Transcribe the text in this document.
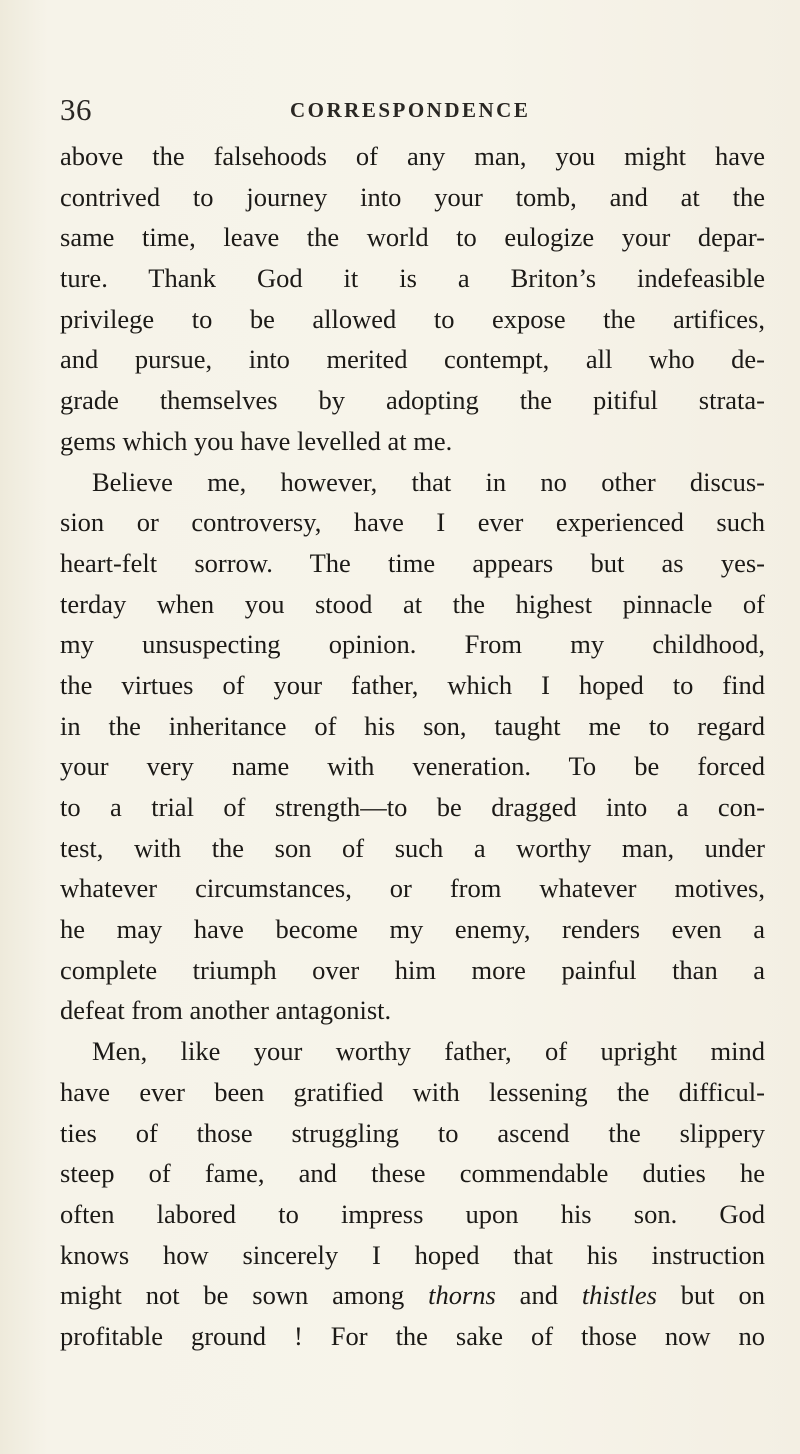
36	CORRESPONDENCE
above the falsehoods of any man, you might have
contrived to journey into your tomb, and at the
same time, leave the world to eulogize your depar-
ture. Thank God it is a Briton’s indefeasible
privilege to be allowed to expose the artifices,
and pursue, into merited contempt, all who de-
grade themselves by adopting the pitiful strata-
gems which you have levelled at me.
Believe me, however, that in no other discus-
sion or controversy, have I ever experienced such
heart-felt sorrow. The time appears but as yes-
terday when you stood at the highest pinnacle of
my unsuspecting opinion. From my childhood,
the virtues of your father, which I hoped to find
in the inheritance of his son, taught me to regard
your very name with veneration. To be forced
to a trial of strength—to be dragged into a con-
test, with the son of such a worthy man, under
whatever circumstances, or from whatever motives,
he may have become my enemy, renders even a
complete triumph over him more painful than a
defeat from another antagonist.
Men, like your worthy father, of upright mind
have ever been gratified with lessening the difficul-
ties of those struggling to ascend the slippery
steep of fame, and these commendable duties he
often labored to impress upon his son. God
knows how sincerely I hoped that his instruction
might not be sown among thorns and thistles but on
profitable ground ! For the sake of those now no
